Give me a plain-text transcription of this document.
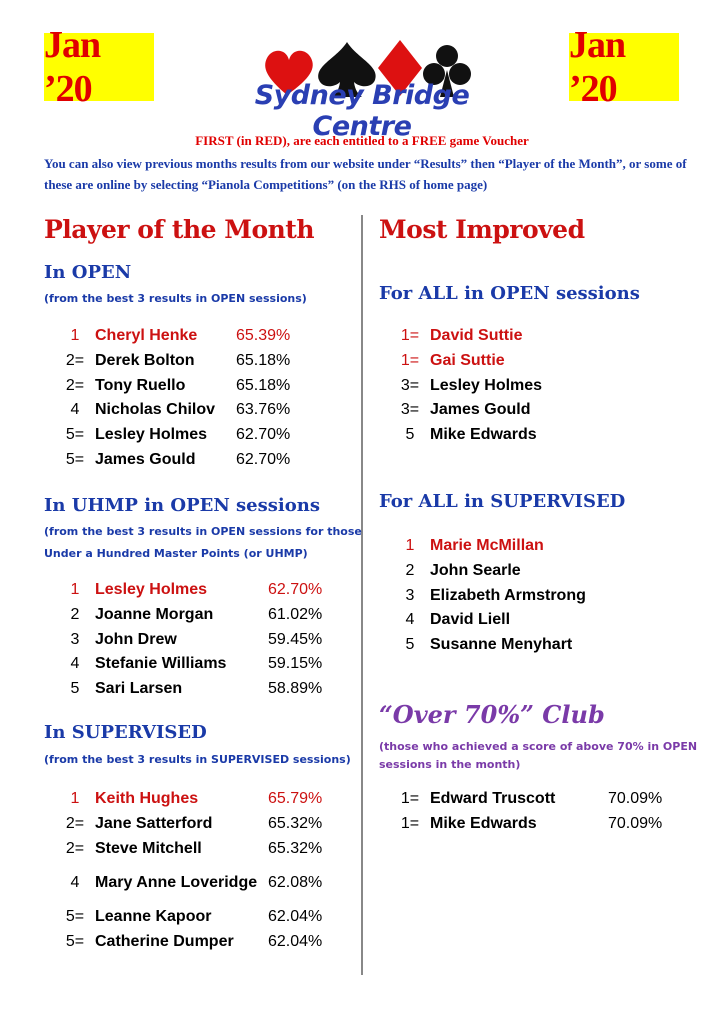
Jan ’20
Jan ’20
Sydney Bridge Centre
FIRST (in RED), are each entitled to a FREE game Voucher
You can also view previous months results from our website under “Results” then “Player of the Month”, or some of these are online by selecting “Pianola Competitions” (on the RHS of home page)
Player of the Month
In OPEN
(from the best 3 results in OPEN sessions)
1 Cheryl Henke	65.39%
2= Derek Bolton	65.18%
2= Tony Ruello	65.18%
4 Nicholas Chilov	63.76%
5= Lesley Holmes	62.70%
5= James Gould	62.70%
In UHMP in OPEN sessions
(from the best 3 results in OPEN sessions for those
Under a Hundred Master Points (or UHMP)
1 Lesley Holmes	62.70%
2 Joanne Morgan	61.02%
3 John Drew	59.45%
4 Stefanie Williams	59.15%
5 Sari Larsen	58.89%
In SUPERVISED
(from the best 3 results in SUPERVISED sessions)
1 Keith Hughes	65.79%
2= Jane Satterford	65.32%
2= Steve Mitchell	65.32%
4 Mary Anne Loveridge 62.08%
5= Leanne Kapoor	62.04%
5= Catherine Dumper	62.04%
Most Improved
For ALL in OPEN sessions
1= David Suttie
1= Gai Suttie
3= Lesley Holmes
3= James Gould
5 Mike Edwards
For ALL in SUPERVISED
1 Marie McMillan
2 John Searle
3 Elizabeth Armstrong
4 David Liell
5 Susanne Menyhart
“Over 70%” Club
(those who achieved a score of above 70% in OPEN
sessions in the month)
1= Edward Truscott	70.09%
1= Mike Edwards	70.09%
